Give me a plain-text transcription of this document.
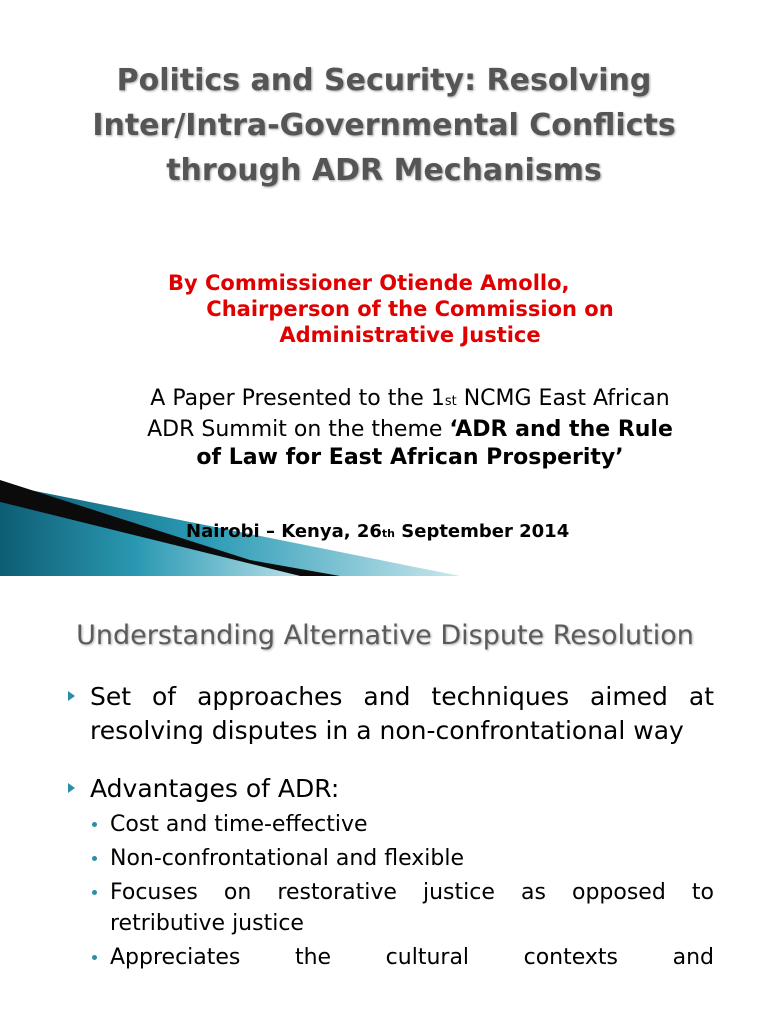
Politics and Security: Resolving
Inter/Intra-Governmental Conflicts
through ADR Mechanisms
By Commissioner Otiende Amollo,
Chairperson of the Commission on
Administrative Justice
A Paper Presented to the 1st NCMG East African
ADR Summit on the theme ‘ADR and the Rule
of Law for East African Prosperity’
Nairobi – Kenya, 26th September 2014
Understanding Alternative Dispute Resolution
Set of approaches and techniques aimed at resolving disputes in a non-confrontational way
Advantages of ADR:
Cost and time-effective
Non-confrontational and flexible
Focuses on restorative justice as opposed to retributive justice
Appreciates the cultural contexts and
